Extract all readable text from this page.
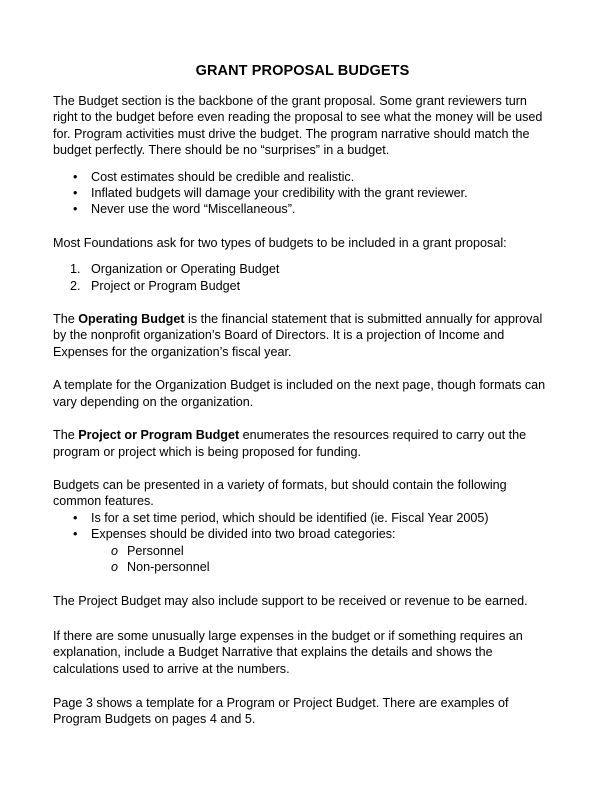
GRANT PROPOSAL BUDGETS

The Budget section is the backbone of the grant proposal. Some grant reviewers turn right to the budget before even reading the proposal to see what the money will be used for. Program activities must drive the budget. The program narrative should match the budget perfectly. There should be no “surprises” in a budget.

• Cost estimates should be credible and realistic.
• Inflated budgets will damage your credibility with the grant reviewer.
• Never use the word “Miscellaneous”.

Most Foundations ask for two types of budgets to be included in a grant proposal:

1. Organization or Operating Budget
2. Project or Program Budget

The Operating Budget is the financial statement that is submitted annually for approval by the nonprofit organization’s Board of Directors. It is a projection of Income and Expenses for the organization’s fiscal year.

A template for the Organization Budget is included on the next page, though formats can vary depending on the organization.

The Project or Program Budget enumerates the resources required to carry out the program or project which is being proposed for funding.

Budgets can be presented in a variety of formats, but should contain the following common features.

• Is for a set time period, which should be identified (ie. Fiscal Year 2005)
• Expenses should be divided into two broad categories:
o Personnel
o Non-personnel

The Project Budget may also include support to be received or revenue to be earned.

If there are some unusually large expenses in the budget or if something requires an explanation, include a Budget Narrative that explains the details and shows the calculations used to arrive at the numbers.

Page 3 shows a template for a Program or Project Budget. There are examples of Program Budgets on pages 4 and 5.
